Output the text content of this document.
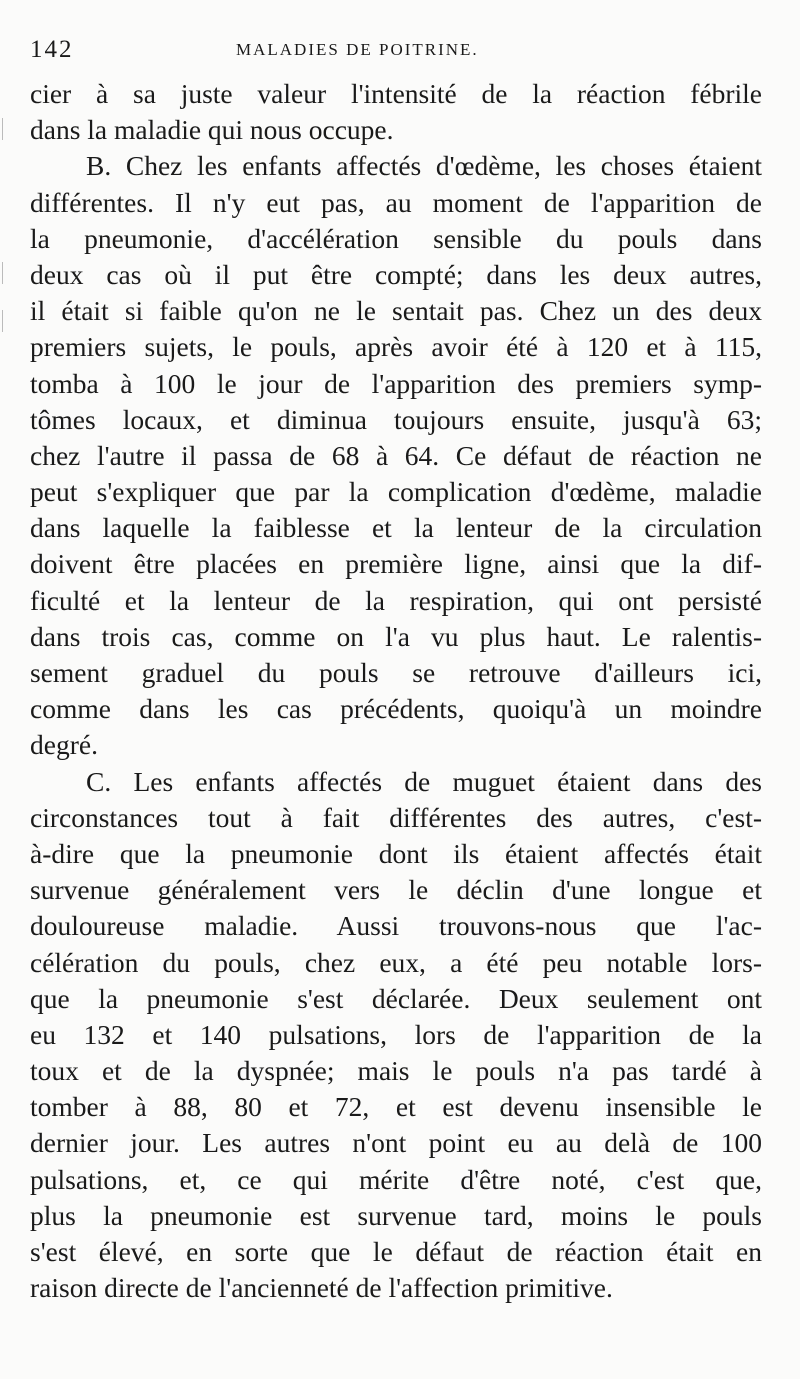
142	MALADIES DE POITRINE.
cier à sa juste valeur l'intensité de la réaction fébrile
dans la maladie qui nous occupe.
B. Chez les enfants affectés d'œdème, les choses étaient
différentes. Il n'y eut pas, au moment de l'apparition de
la pneumonie, d'accélération sensible du pouls dans
deux cas où il put être compté; dans les deux autres,
il était si faible qu'on ne le sentait pas. Chez un des deux
premiers sujets, le pouls, après avoir été à 120 et à 115,
tomba à 100 le jour de l'apparition des premiers symp-
tômes locaux, et diminua toujours ensuite, jusqu'à 63;
chez l'autre il passa de 68 à 64. Ce défaut de réaction ne
peut s'expliquer que par la complication d'œdème, maladie
dans laquelle la faiblesse et la lenteur de la circulation
doivent être placées en première ligne, ainsi que la dif-
ficulté et la lenteur de la respiration, qui ont persisté
dans trois cas, comme on l'a vu plus haut. Le ralentis-
sement graduel du pouls se retrouve d'ailleurs ici,
comme dans les cas précédents, quoiqu'à un moindre
degré.
C. Les enfants affectés de muguet étaient dans des
circonstances tout à fait différentes des autres, c'est-
à-dire que la pneumonie dont ils étaient affectés était
survenue généralement vers le déclin d'une longue et
douloureuse maladie. Aussi trouvons-nous que l'ac-
célération du pouls, chez eux, a été peu notable lors-
que la pneumonie s'est déclarée. Deux seulement ont
eu 132 et 140 pulsations, lors de l'apparition de la
toux et de la dyspnée; mais le pouls n'a pas tardé à
tomber à 88, 80 et 72, et est devenu insensible le
dernier jour. Les autres n'ont point eu au delà de 100
pulsations, et, ce qui mérite d'être noté, c'est que,
plus la pneumonie est survenue tard, moins le pouls
s'est élevé, en sorte que le défaut de réaction était en
raison directe de l'ancienneté de l'affection primitive.
